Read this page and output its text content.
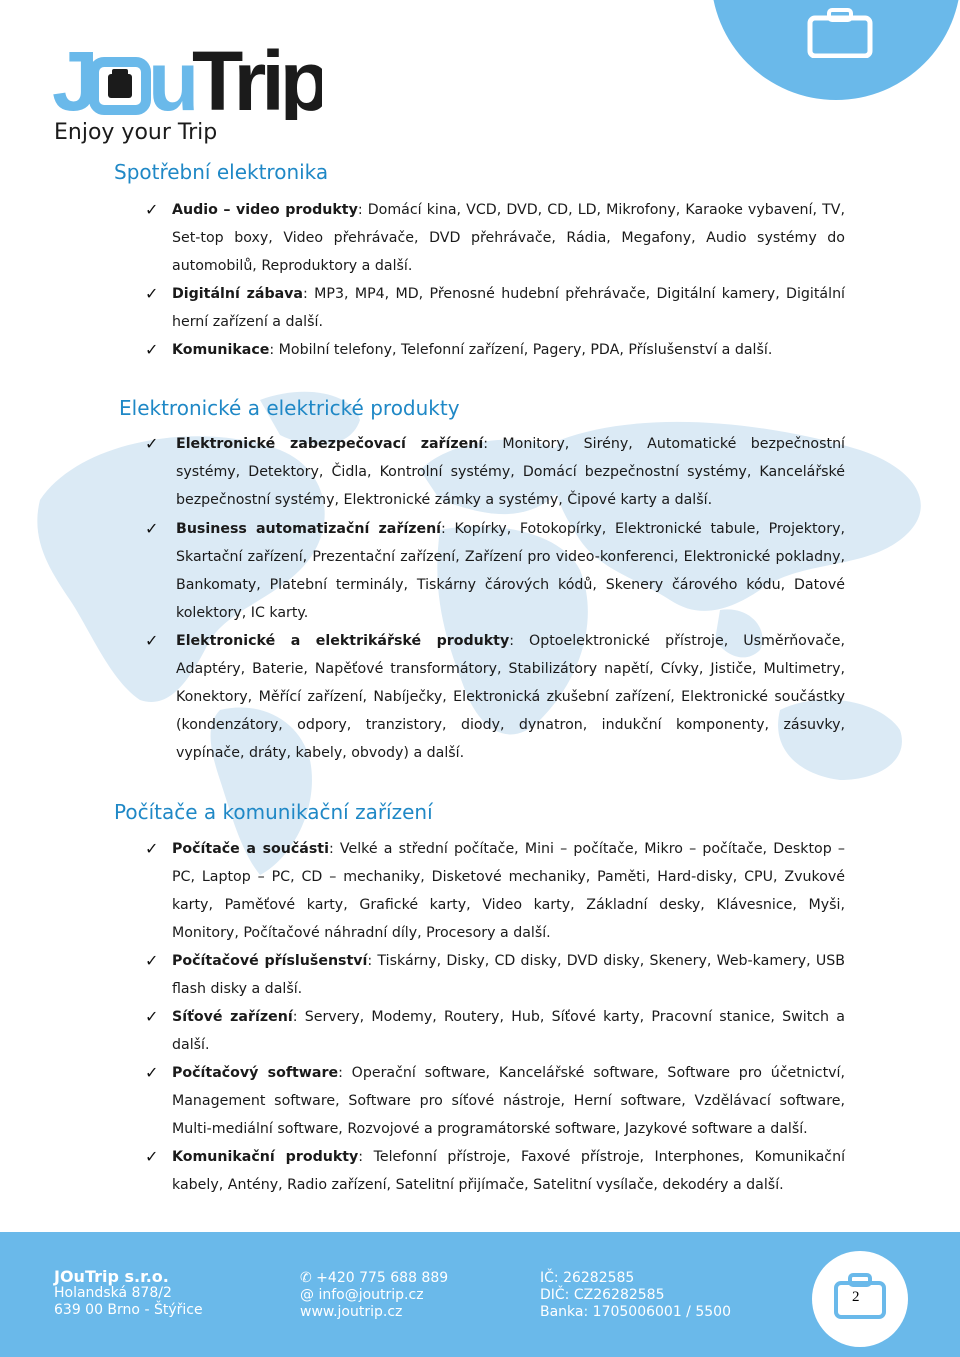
J u
Trip
Enjoy your Trip
Spotřební elektronika
✓ Audio – video produkty: Domácí kina, VCD, DVD, CD, LD, Mikrofony, Karaoke vybavení, TV, Set-top boxy, Video přehrávače, DVD přehrávače, Rádia, Megafony, Audio systémy do automobilů, Reproduktory a další.
✓ Digitální zábava: MP3, MP4, MD, Přenosné hudební přehrávače, Digitální kamery, Digitální herní zařízení a další.
✓ Komunikace: Mobilní telefony, Telefonní zařízení, Pagery, PDA, Příslušenství a další.
Elektronické a elektrické produkty
✓ Elektronické zabezpečovací zařízení: Monitory, Sirény, Automatické bezpečnostní systémy, Detektory, Čidla, Kontrolní systémy, Domácí bezpečnostní systémy, Kancelářské bezpečnostní systémy, Elektronické zámky a systémy, Čipové karty a další.
✓ Business automatizační zařízení: Kopírky, Fotokopírky, Elektronické tabule, Projektory, Skartační zařízení, Prezentační zařízení, Zařízení pro video-konferenci, Elektronické pokladny, Bankomaty, Platební terminály, Tiskárny čárových kódů, Skenery čárového kódu, Datové kolektory, IC karty.
✓ Elektronické a elektrikářské produkty: Optoelektronické přístroje, Usměrňovače, Adaptéry, Baterie, Napěťové transformátory, Stabilizátory napětí, Cívky, Jističe, Multimetry, Konektory, Měřící zařízení, Nabíječky, Elektronická zkušební zařízení, Elektronické součástky (kondenzátory, odpory, tranzistory, diody, dynatron, indukční komponenty, zásuvky, vypínače, dráty, kabely, obvody) a další.
Počítače a komunikační zařízení
✓ Počítače a součásti: Velké a střední počítače, Mini – počítače, Mikro – počítače, Desktop – PC, Laptop – PC, CD – mechaniky, Disketové mechaniky, Paměti, Hard-disky, CPU, Zvukové karty, Paměťové karty, Grafické karty, Video karty, Základní desky, Klávesnice, Myši, Monitory, Počítačové náhradní díly, Procesory a další.
✓ Počítačové příslušenství: Tiskárny, Disky, CD disky, DVD disky, Skenery, Web-kamery, USB flash disky a další.
✓ Síťové zařízení: Servery, Modemy, Routery, Hub, Síťové karty, Pracovní stanice, Switch a další.
✓ Počítačový software: Operační software, Kancelářské software, Software pro účetnictví, Management software, Software pro síťové nástroje, Herní software, Vzdělávací software, Multi-mediální software, Rozvojové a programátorské software, Jazykové software a další.
✓ Komunikační produkty: Telefonní přístroje, Faxové přístroje, Interphones, Komunikační kabely, Antény, Radio zařízení, Satelitní přijímače, Satelitní vysílače, dekodéry a další.
JOuTrip s.r.o.
Holandská 878/2
639 00 Brno - Štýřice
✆ +420 775 688 889
@ info@joutrip.cz
www.joutrip.cz
IČ: 26282585
DIČ: CZ26282585
Banka: 1705006001 / 5500
2
